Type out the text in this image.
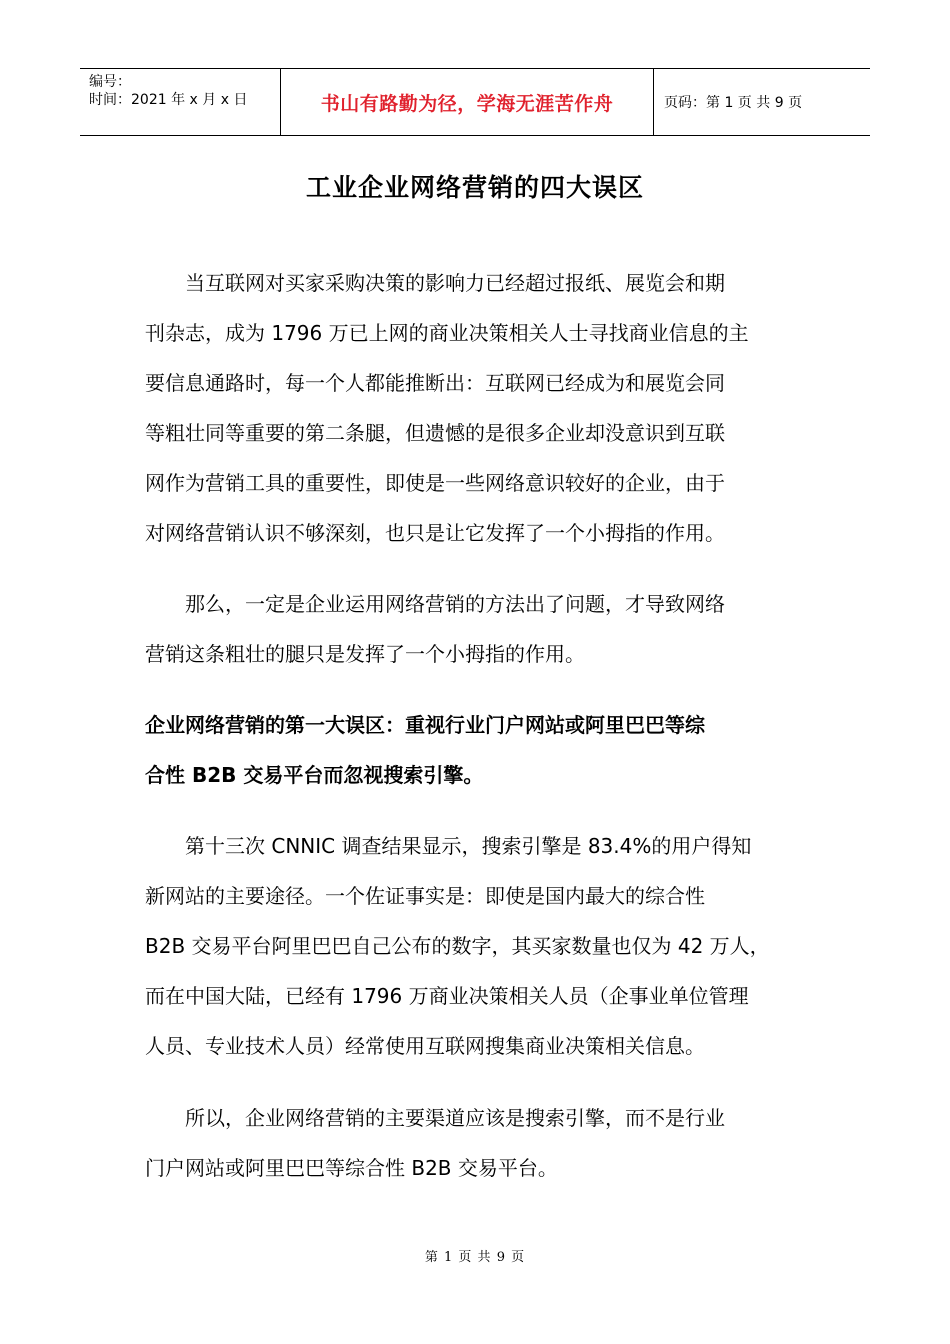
编号：
时间：2021 年 x 月 x 日	书山有路勤为径，学海无涯苦作舟	页码：第 1 页 共 9 页
工业企业网络营销的四大误区
　　当互联网对买家采购决策的影响力已经超过报纸、展览会和期
刊杂志，成为 1796 万已上网的商业决策相关人士寻找商业信息的主
要信息通路时，每一个人都能推断出：互联网已经成为和展览会同
等粗壮同等重要的第二条腿，但遗憾的是很多企业却没意识到互联
网作为营销工具的重要性，即使是一些网络意识较好的企业，由于
对网络营销认识不够深刻，也只是让它发挥了一个小拇指的作用。
　　那么，一定是企业运用网络营销的方法出了问题，才导致网络
营销这条粗壮的腿只是发挥了一个小拇指的作用。
企业网络营销的第一大误区：重视行业门户网站或阿里巴巴等综
合性 B2B 交易平台而忽视搜索引擎。
　　第十三次 CNNIC 调查结果显示，搜索引擎是 83.4%的用户得知
新网站的主要途径。一个佐证事实是：即使是国内最大的综合性
B2B 交易平台阿里巴巴自己公布的数字，其买家数量也仅为 42 万人，
而在中国大陆，已经有 1796 万商业决策相关人员（企事业单位管理
人员、专业技术人员）经常使用互联网搜集商业决策相关信息。
　　所以，企业网络营销的主要渠道应该是搜索引擎，而不是行业
门户网站或阿里巴巴等综合性 B2B 交易平台。
第 1 页 共 9 页
